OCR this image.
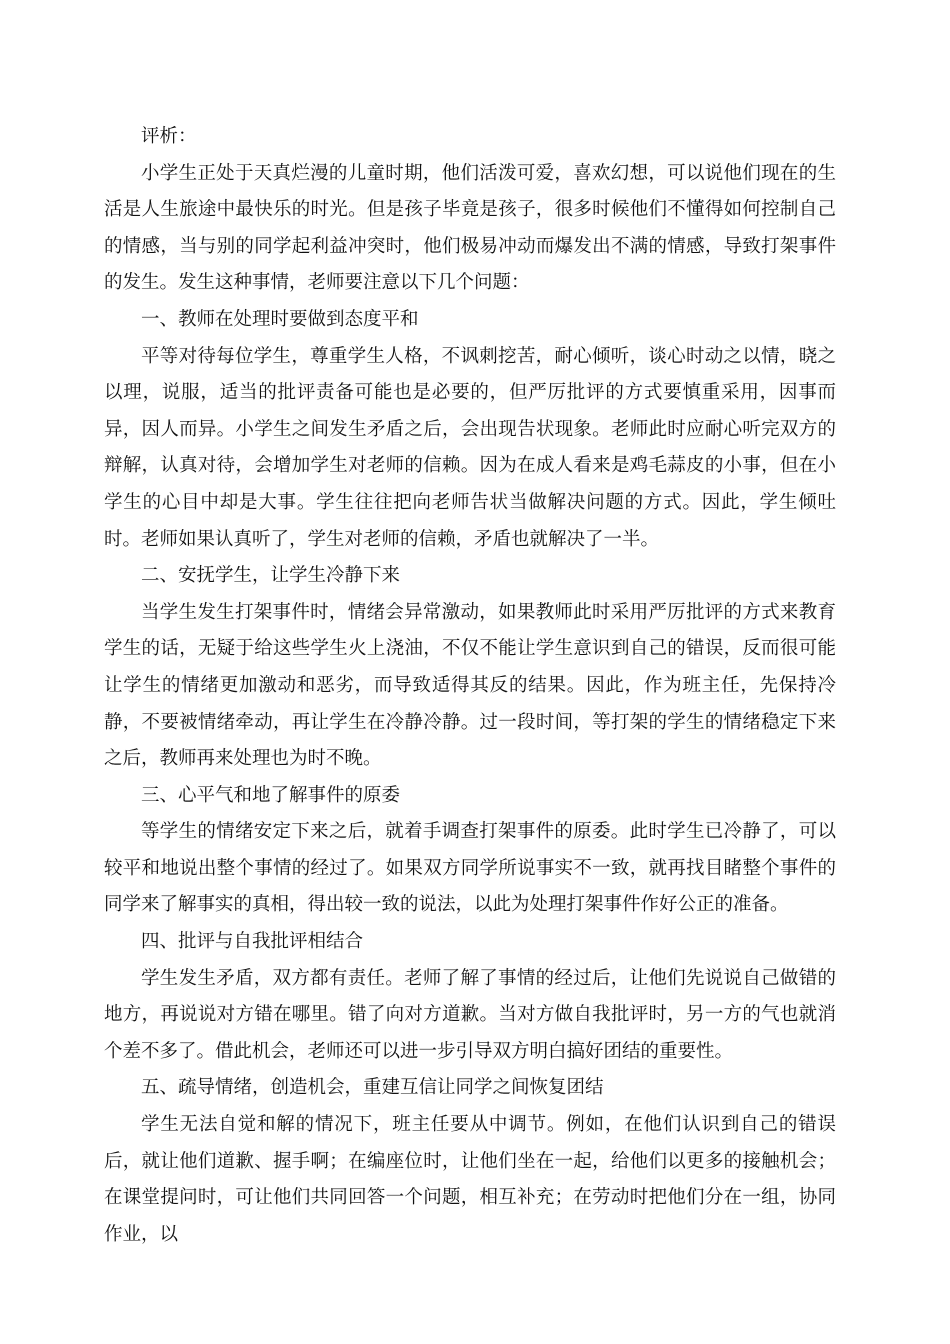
评析：

小学生正处于天真烂漫的儿童时期，他们活泼可爱，喜欢幻想，可以说他们现在的生活是人生旅途中最快乐的时光。但是孩子毕竟是孩子，很多时候他们不懂得如何控制自己的情感，当与别的同学起利益冲突时，他们极易冲动而爆发出不满的情感，导致打架事件的发生。发生这种事情，老师要注意以下几个问题：

一、教师在处理时要做到态度平和

平等对待每位学生，尊重学生人格，不讽刺挖苦，耐心倾听，谈心时动之以情，晓之以理，说服，适当的批评责备可能也是必要的，但严厉批评的方式要慎重采用，因事而异，因人而异。小学生之间发生矛盾之后，会出现告状现象。老师此时应耐心听完双方的辩解，认真对待，会增加学生对老师的信赖。因为在成人看来是鸡毛蒜皮的小事，但在小学生的心目中却是大事。学生往往把向老师告状当做解决问题的方式。因此，学生倾吐时。老师如果认真听了，学生对老师的信赖，矛盾也就解决了一半。

二、安抚学生，让学生冷静下来

当学生发生打架事件时，情绪会异常激动，如果教师此时采用严厉批评的方式来教育学生的话，无疑于给这些学生火上浇油，不仅不能让学生意识到自己的错误，反而很可能让学生的情绪更加激动和恶劣，而导致适得其反的结果。因此，作为班主任，先保持冷静，不要被情绪牵动，再让学生在冷静冷静。过一段时间，等打架的学生的情绪稳定下来之后，教师再来处理也为时不晚。

三、心平气和地了解事件的原委

等学生的情绪安定下来之后，就着手调查打架事件的原委。此时学生已冷静了，可以较平和地说出整个事情的经过了。如果双方同学所说事实不一致，就再找目睹整个事件的同学来了解事实的真相，得出较一致的说法，以此为处理打架事件作好公正的准备。

四、批评与自我批评相结合

学生发生矛盾，双方都有责任。老师了解了事情的经过后，让他们先说说自己做错的地方，再说说对方错在哪里。错了向对方道歉。当对方做自我批评时，另一方的气也就消个差不多了。借此机会，老师还可以进一步引导双方明白搞好团结的重要性。

五、疏导情绪，创造机会，重建互信让同学之间恢复团结

学生无法自觉和解的情况下，班主任要从中调节。例如，在他们认识到自己的错误后，就让他们道歉、握手啊；在编座位时，让他们坐在一起，给他们以更多的接触机会；在课堂提问时，可让他们共同回答一个问题，相互补充；在劳动时把他们分在一组，协同作业，以
